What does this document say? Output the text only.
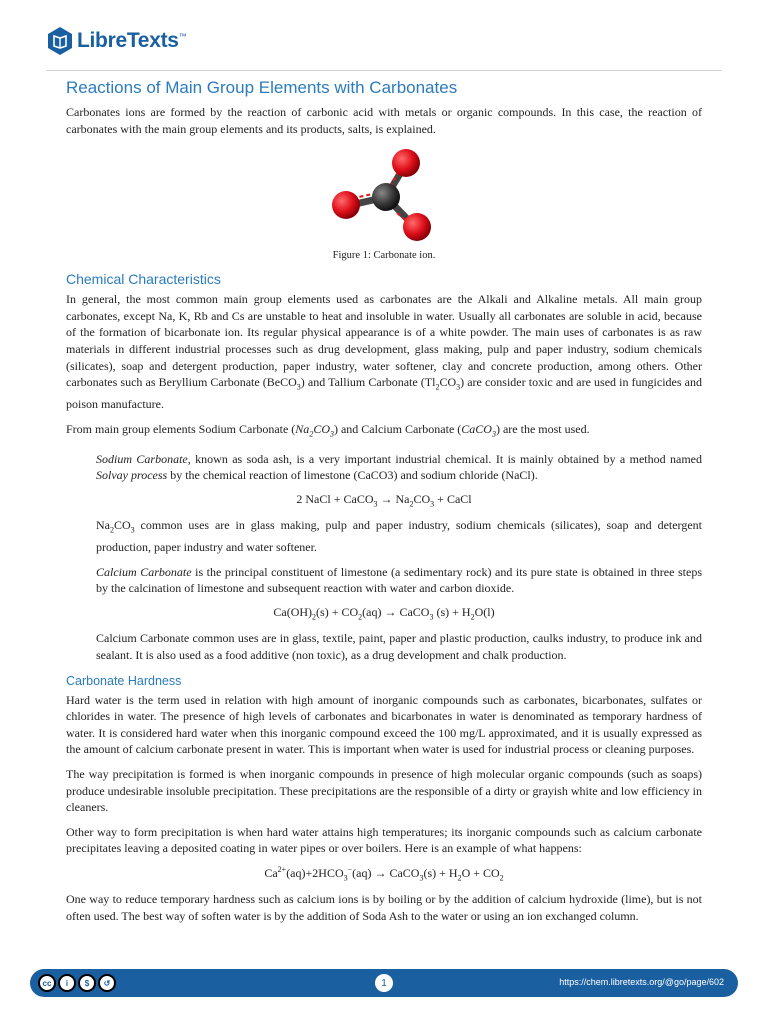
LibreTexts™
Reactions of Main Group Elements with Carbonates

Carbonates ions are formed by the reaction of carbonic acid with metals or organic compounds. In this case, the reaction of carbonates with the main group elements and its products, salts, is explained.

Figure 1: Carbonate ion.
Chemical Characteristics

In general, the most common main group elements used as carbonates are the Alkali and Alkaline metals. All main group carbonates, except Na, K, Rb and Cs are unstable to heat and insoluble in water. Usually all carbonates are soluble in acid, because of the formation of bicarbonate ion. Its regular physical appearance is of a white powder. The main uses of carbonates is as raw materials in different industrial processes such as drug development, glass making, pulp and paper industry, sodium chemicals (silicates), soap and detergent production, paper industry, water softener, clay and concrete production, among others. Other carbonates such as Beryllium Carbonate (BeCO$_3$) and Tallium Carbonate $(Tl_2CO_3)$ are consider toxic and are used in fungicides and poison manufacture.

From main group elements Sodium Carbonate $(Na_2CO_3)$ and Calcium Carbonate (CaCO$_3$) are the most used.

Sodium Carbonate, known as soda ash, is a very important industrial chemical. It is mainly obtained by a method named Solvay process by the chemical reaction of limestone (CaCO3) and sodium chloride (NaCl).

2 NaCl + CaCO$_3$ → $Na_2CO_3$ + CaCl

$Na_2CO_3$ common uses are in glass making, pulp and paper industry, sodium chemicals (silicates), soap and detergent production, paper industry and water softener.

Calcium Carbonate is the principal constituent of limestone (a sedimentary rock) and its pure state is obtained in three steps by the calcination of limestone and subsequent reaction with water and carbon dioxide.

$Ca(OH)_2(s) + CO_2(aq)$ → CaCO$_3$ $(s) + H_2O(l)$

Calcium Carbonate common uses are in glass, textile, paint, paper and plastic production, caulks industry, to produce ink and sealant. It is also used as a food additive (non toxic), as a drug development and chalk production.

Carbonate Hardness

Hard water is the term used in relation with high amount of inorganic compounds such as carbonates, bicarbonates, sulfates or chlorides in water. The presence of high levels of carbonates and bicarbonates in water is denominated as temporary hardness of water. It is considered hard water when this inorganic compound exceed the 100 mg/L approximated, and it is usually expressed as the amount of calcium carbonate present in water. This is important when water is used for industrial process or cleaning purposes.

The way precipitation is formed is when inorganic compounds in presence of high molecular organic compounds (such as soaps) produce undesirable insoluble precipitation. These precipitations are the responsible of a dirty or grayish white and low efficiency in cleaners.

Other way to form precipitation is when hard water attains high temperatures; its inorganic compounds such as calcium carbonate precipitates leaving a deposited coating in water pipes or over boilers. Here is an example of what happens:

$Ca^{2+}(aq)+2HCO_3^-(aq)$ → CaCO$_3$(s) + $H_2O + CO_2$

One way to reduce temporary hardness such as calcium ions is by boiling or by the addition of calcium hydroxide (lime), but is not often used. The best way of soften water is by the addition of Soda Ash to the water or using an ion exchanged column.

cc	i	$	↺	1	https://chem.libretexts.org/@go/page/602
